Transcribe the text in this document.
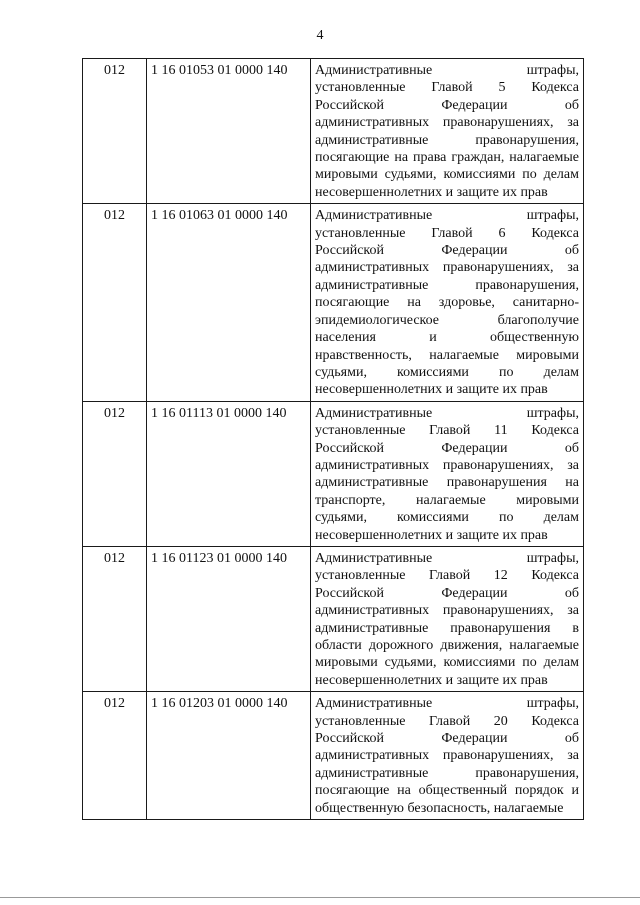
4
012	1 16 01053 01 0000 140	Административные штрафы, установленные Главой 5 Кодекса Российской Федерации об административных правонарушениях, за административные правонарушения, посягающие на права граждан, налагаемые мировыми судьями, комиссиями по делам несовершеннолетних и защите их прав
012	1 16 01063 01 0000 140	Административные штрафы, установленные Главой 6 Кодекса Российской Федерации об административных правонарушениях, за административные правонарушения, посягающие на здоровье, санитарно-эпидемиологическое благополучие населения и общественную нравственность, налагаемые мировыми судьями, комиссиями по делам несовершеннолетних и защите их прав
012	1 16 01113 01 0000 140	Административные штрафы, установленные Главой 11 Кодекса Российской Федерации об административных правонарушениях, за административные правонарушения на транспорте, налагаемые мировыми судьями, комиссиями по делам несовершеннолетних и защите их прав
012	1 16 01123 01 0000 140	Административные штрафы, установленные Главой 12 Кодекса Российской Федерации об административных правонарушениях, за административные правонарушения в области дорожного движения, налагаемые мировыми судьями, комиссиями по делам несовершеннолетних и защите их прав
012	1 16 01203 01 0000 140	Административные штрафы, установленные Главой 20 Кодекса Российской Федерации об административных правонарушениях, за административные правонарушения, посягающие на общественный порядок и общественную безопасность, налагаемые
